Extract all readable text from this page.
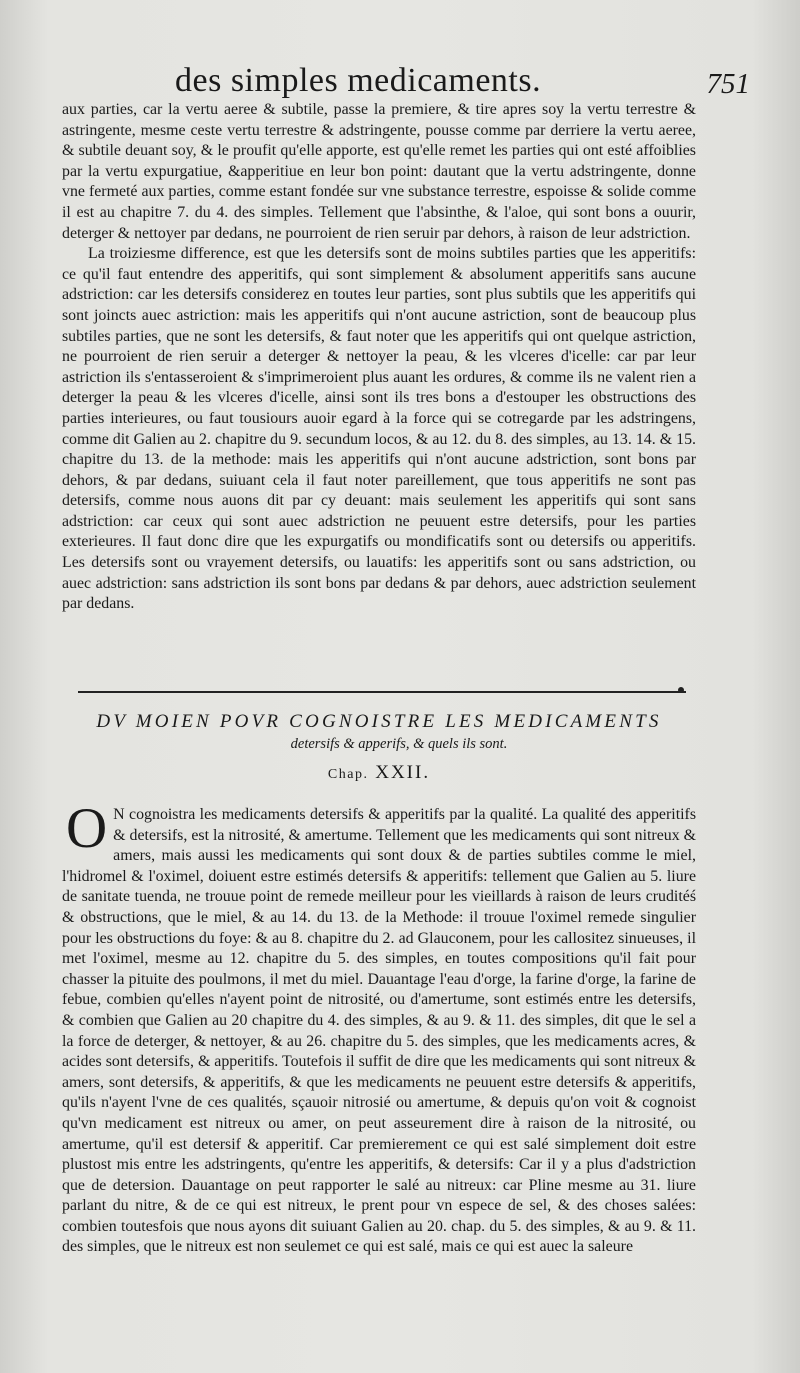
des simples medicaments.	751

aux parties, car la vertu aeree & subtile, passe la premiere, & tire apres soy la vertu terrestre & astringente, mesme ceste vertu terrestre & adstringente, pousse comme par derriere la vertu aeree, & subtile deuant soy, & le proufit qu'elle apporte, est qu'elle remet les parties qui ont esté affoiblies par la vertu expurgatiue, &apperitiue en leur bon point: dautant que la vertu adstringente, donne vne fermeté aux parties, comme estant fondée sur vne substance terrestre, espoisse & solide comme il est au chapitre 7. du 4. des simples. Tellement que l'absinthe, & l'aloe, qui sont bons a ouurir, deterger & nettoyer par dedans, ne pourroient de rien seruir par dehors, à raison de leur adstriction.

La troiziesme difference, est que les detersifs sont de moins subtiles parties que les apperitifs: ce qu'il faut entendre des apperitifs, qui sont simplement & absolument apperitifs sans aucune adstriction: car les detersifs considerez en toutes leur parties, sont plus subtils que les apperitifs qui sont joincts auec astriction: mais les apperitifs qui n'ont aucune astriction, sont de beaucoup plus subtiles parties, que ne sont les detersifs, & faut noter que les apperitifs qui ont quelque astriction, ne pourroient de rien seruir a deterger & nettoyer la peau, & les vlceres d'icelle: car par leur astriction ils s'entasseroient & s'imprimeroient plus auant les ordures, & comme ils ne valent rien a deterger la peau & les vlceres d'icelle, ainsi sont ils tres bons a d'estouper les obstructions des parties interieures, ou faut tousiours auoir egard à la force qui se cotregarde par les adstringens, comme dit Galien au 2. chapitre du 9. secundum locos, & au 12. du 8. des simples, au 13. 14. & 15. chapitre du 13. de la methode: mais les apperitifs qui n'ont aucune adstriction, sont bons par dehors, & par dedans, suiuant cela il faut noter pareillement, que tous apperitifs ne sont pas detersifs, comme nous auons dit par cy deuant: mais seulement les apperitifs qui sont sans adstriction: car ceux qui sont auec adstriction ne peuuent estre detersifs, pour les parties exterieures. Il faut donc dire que les expurgatifs ou mondificatifs sont ou detersifs ou apperitifs. Les detersifs sont ou vrayement detersifs, ou lauatifs: les apperitifs sont ou sans adstriction, ou auec adstriction: sans adstriction ils sont bons par dedans & par dehors, auec adstriction seulement par dedans.

DV MOIEN POVR COGNOISTRE LES MEDICAMENTS
detersifs & apperifs, & quels ils sont.
Chap. XXII.

O N cognoistra les medicaments detersifs & apperitifs par la qualité. La qualité des apperitifs & detersifs, est la nitrosité, & amertume. Tellement que les medicaments qui sont nitreux & amers, mais aussi les medicaments qui sont doux & de parties subtiles comme le miel, l'hidromel & l'oximel, doiuent estre estimés detersifs & apperitifs: tellement que Galien au 5. liure de sanitate tuenda, ne trouue point de remede meilleur pour les vieillards à raison de leurs cruditéś & obstructions, que le miel, & au 14. du 13. de la Methode: il trouue l'oximel remede singulier pour les obstructions du foye: & au 8. chapitre du 2. ad Glauconem, pour les callositez sinueuses, il met l'oximel, mesme au 12. chapitre du 5. des simples, en toutes compositions qu'il fait pour chasser la pituite des poulmons, il met du miel. Dauantage l'eau d'orge, la farine d'orge, la farine de febue, combien qu'elles n'ayent point de nitrosité, ou d'amertume, sont estimés entre les detersifs, & combien que Galien au 20 chapitre du 4. des simples, & au 9. & 11. des simples, dit que le sel a la force de deterger, & nettoyer, & au 26. chapitre du 5. des simples, que les medicaments acres, & acides sont detersifs, & apperitifs. Toutefois il suffit de dire que les medicaments qui sont nitreux & amers, sont detersifs, & apperitifs, & que les medicaments ne peuuent estre detersifs & apperitifs, qu'ils n'ayent l'vne de ces qualités, sçauoir nitrosié ou amertume, & depuis qu'on voit & cognoist qu'vn medicament est nitreux ou amer, on peut asseurement dire à raison de la nitrosité, ou amertume, qu'il est detersif & apperitif. Car premierement ce qui est salé simplement doit estre plustost mis entre les adstringents, qu'entre les apperitifs, & detersifs: Car il y a plus d'adstriction que de detersion. Dauantage on peut rapporter le salé au nitreux: car Pline mesme au 31. liure parlant du nitre, & de ce qui est nitreux, le prent pour vn espece de sel, & des choses salées: combien toutesfois que nous ayons dit suiuant Galien au 20. chap. du 5. des simples, & au 9. & 11. des simples, que le nitreux est non seulemet ce qui est salé, mais ce qui est auec la saleure
